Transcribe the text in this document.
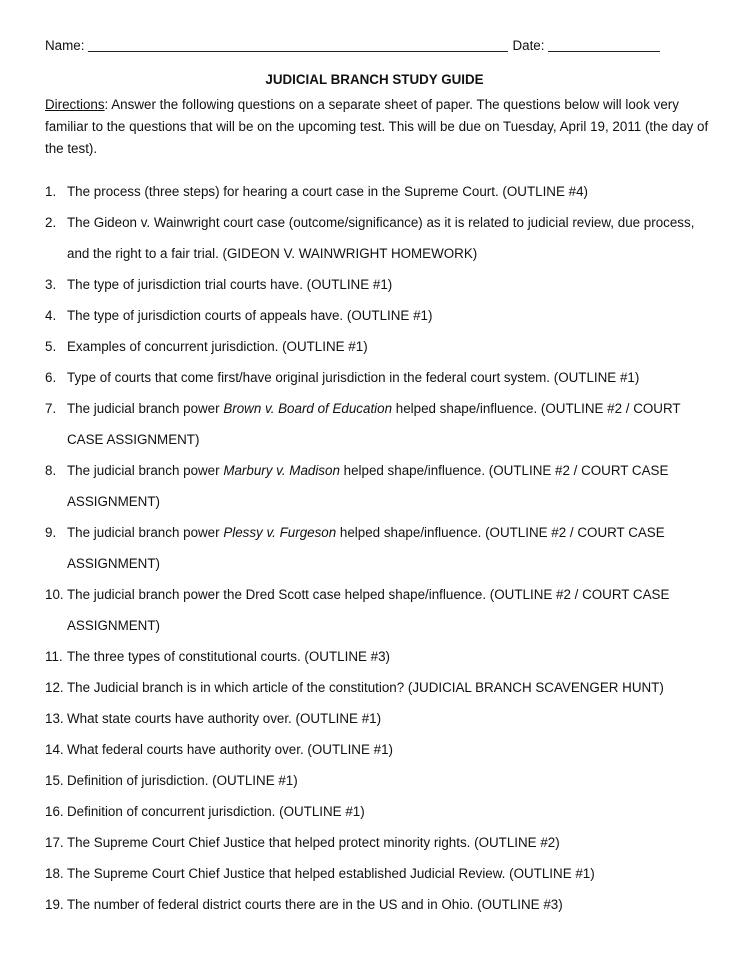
Name:	Date:
JUDICIAL BRANCH STUDY GUIDE
Directions: Answer the following questions on a separate sheet of paper. The questions below will look very familiar to the questions that will be on the upcoming test. This will be due on Tuesday, April 19, 2011 (the day of the test).
1. The process (three steps) for hearing a court case in the Supreme Court. (OUTLINE #4)
2. The Gideon v. Wainwright court case (outcome/significance) as it is related to judicial review, due process, and the right to a fair trial. (GIDEON V. WAINWRIGHT HOMEWORK)
3. The type of jurisdiction trial courts have. (OUTLINE #1)
4. The type of jurisdiction courts of appeals have. (OUTLINE #1)
5. Examples of concurrent jurisdiction. (OUTLINE #1)
6. Type of courts that come first/have original jurisdiction in the federal court system. (OUTLINE #1)
7. The judicial branch power Brown v. Board of Education helped shape/influence. (OUTLINE #2 / COURT CASE ASSIGNMENT)
8. The judicial branch power Marbury v. Madison helped shape/influence. (OUTLINE #2 / COURT CASE ASSIGNMENT)
9. The judicial branch power Plessy v. Furgeson helped shape/influence. (OUTLINE #2 / COURT CASE ASSIGNMENT)
10. The judicial branch power the Dred Scott case helped shape/influence. (OUTLINE #2 / COURT CASE ASSIGNMENT)
11. The three types of constitutional courts. (OUTLINE #3)
12. The Judicial branch is in which article of the constitution? (JUDICIAL BRANCH SCAVENGER HUNT)
13. What state courts have authority over. (OUTLINE #1)
14. What federal courts have authority over. (OUTLINE #1)
15. Definition of jurisdiction. (OUTLINE #1)
16. Definition of concurrent jurisdiction. (OUTLINE #1)
17. The Supreme Court Chief Justice that helped protect minority rights. (OUTLINE #2)
18. The Supreme Court Chief Justice that helped established Judicial Review. (OUTLINE #1)
19. The number of federal district courts there are in the US and in Ohio. (OUTLINE #3)
